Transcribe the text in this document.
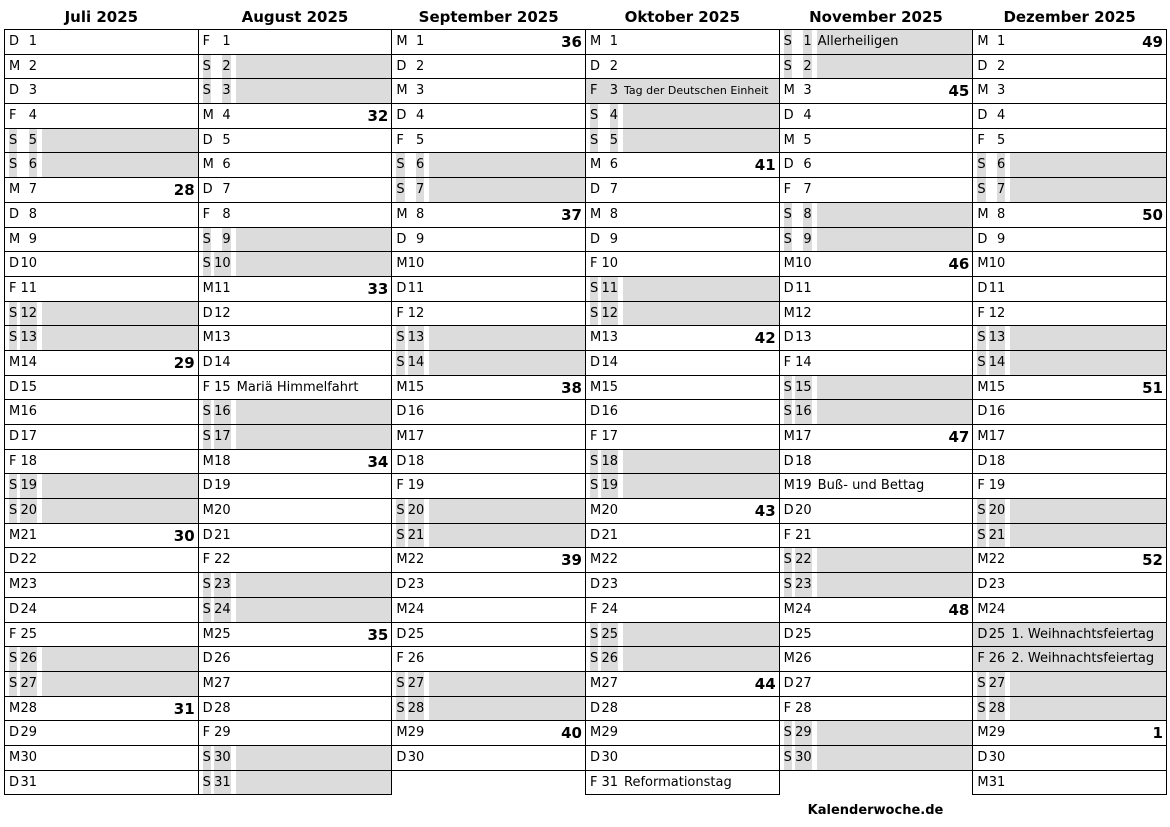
Juli 2025
D 1
M 2
D 3
F 4
S 5
S 6
M 7	28
D 8
M 9
D 10
F 11
S 12
S 13
M 14	29
D 15
M 16
D 17
F 18
S 19
S 20
M 21	30
D 22
M 23
D 24
F 25
S 26
S 27
M 28	31
D 29
M 30
D 31
August 2025
F 1
S 2
S 3
M 4	32
D 5
M 6
D 7
F 8
S 9
S 10
M 11	33
D 12
M 13
D 14
F 15 Mariä Himmelfahrt
S 16
S 17
M 18	34
D 19
M 20
D 21
F 22
S 23
S 24
M 25	35
D 26
M 27
D 28
F 29
S 30
S 31
September 2025
M 1	36
D 2
M 3
D 4
F 5
S 6
S 7
M 8	37
D 9
M 10
D 11
F 12
S 13
S 14
M 15	38
D 16
M 17
D 18
F 19
S 20
S 21
M 22	39
D 23
M 24
D 25
F 26
S 27
S 28
M 29	40
D 30
Oktober 2025
M 1
D 2
F 3 Tag der Deutschen Einheit
S 4
S 5
M 6	41
D 7
M 8
D 9
F 10
S 11
S 12
M 13	42
D 14
M 15
D 16
F 17
S 18
S 19
M 20	43
D 21
M 22
D 23
F 24
S 25
S 26
M 27	44
D 28
M 29
D 30
F 31 Reformationstag
November 2025
S 1 Allerheiligen
S 2
M 3	45
D 4
M 5
D 6
F 7
S 8
S 9
M 10	46
D 11
M 12
D 13
F 14
S 15
S 16
M 17	47
D 18
M 19 Buß- und Bettag
D 20
F 21
S 22
S 23
M 24	48
D 25
M 26
D 27
F 28
S 29
S 30
Kalenderwoche.de
Dezember 2025
M 1	49
D 2
M 3
D 4
F 5
S 6
S 7
M 8	50
D 9
M 10
D 11
F 12
S 13
S 14
M 15	51
D 16
M 17
D 18
F 19
S 20
S 21
M 22	52
D 23
M 24
D 25 1. Weihnachtsfeiertag
F 26 2. Weihnachtsfeiertag
S 27
S 28
M 29	1
D 30
M 31
